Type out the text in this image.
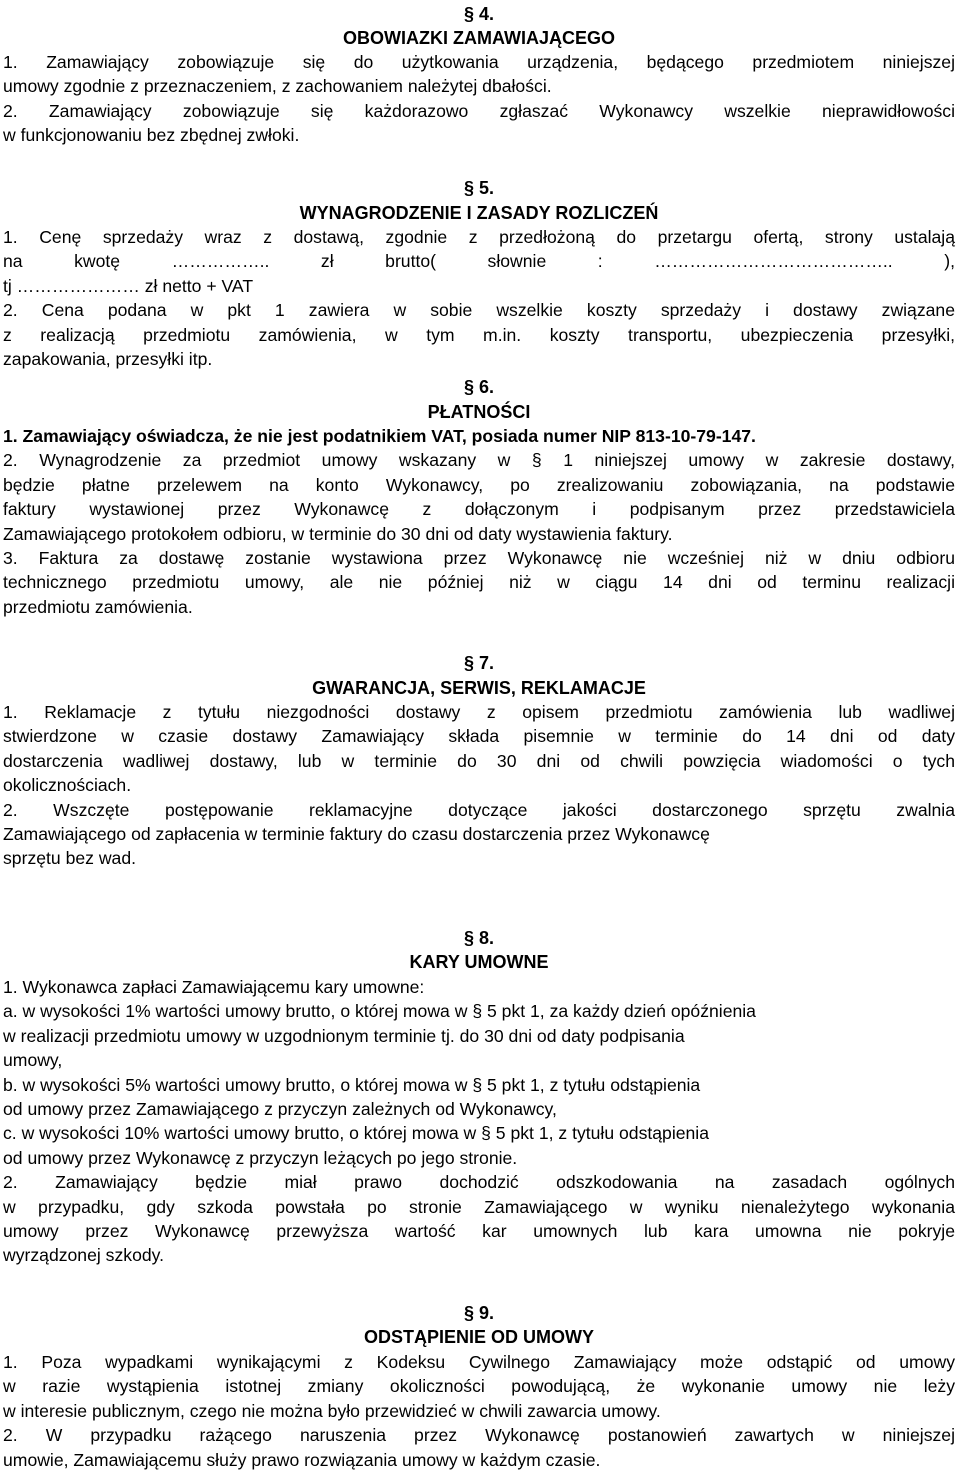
§ 4.
OBOWIAZKI ZAMAWIAJĄCEGO
1. Zamawiający zobowiązuje się do użytkowania urządzenia, będącego przedmiotem niniejszej
umowy zgodnie z przeznaczeniem, z zachowaniem należytej dbałości.
2. Zamawiający zobowiązuje się każdorazowo zgłaszać Wykonawcy wszelkie nieprawidłowości
w funkcjonowaniu bez zbędnej zwłoki.
§ 5.
WYNAGRODZENIE I ZASADY ROZLICZEŃ
1. Cenę sprzedaży wraz z dostawą, zgodnie z przedłożoną do przetargu ofertą, strony ustalają
na kwotę …………….. zł brutto( słownie : ………………………………….. ),
tj ………………… zł netto + VAT
2. Cena podana w pkt 1 zawiera w sobie wszelkie koszty sprzedaży i dostawy związane
z realizacją przedmiotu zamówienia, w tym m.in. koszty transportu, ubezpieczenia przesyłki,
zapakowania, przesyłki itp.
§ 6.
PŁATNOŚCI
1. Zamawiający oświadcza, że nie jest podatnikiem VAT, posiada numer NIP 813-10-79-147.
2. Wynagrodzenie za przedmiot umowy wskazany w § 1 niniejszej umowy w zakresie dostawy,
będzie płatne przelewem na konto Wykonawcy, po zrealizowaniu zobowiązania, na podstawie
faktury wystawionej przez Wykonawcę z dołączonym i podpisanym przez przedstawiciela
Zamawiającego protokołem odbioru, w terminie do 30 dni od daty wystawienia faktury.
3. Faktura za dostawę zostanie wystawiona przez Wykonawcę nie wcześniej niż w dniu odbioru
technicznego przedmiotu umowy, ale nie później niż w ciągu 14 dni od terminu realizacji
przedmiotu zamówienia.
§ 7.
GWARANCJA, SERWIS, REKLAMACJE
1. Reklamacje z tytułu niezgodności dostawy z opisem przedmiotu zamówienia lub wadliwej
stwierdzone w czasie dostawy Zamawiający składa pisemnie w terminie do 14 dni od daty
dostarczenia wadliwej dostawy, lub w terminie do 30 dni od chwili powzięcia wiadomości o tych
okolicznościach.
2. Wszczęte postępowanie reklamacyjne dotyczące jakości dostarczonego sprzętu zwalnia
Zamawiającego od zapłacenia w terminie faktury do czasu dostarczenia przez Wykonawcę
sprzętu bez wad.
§ 8.
KARY UMOWNE
1. Wykonawca zapłaci Zamawiającemu kary umowne:
a. w wysokości 1% wartości umowy brutto, o której mowa w § 5 pkt 1, za każdy dzień opóźnienia
w realizacji przedmiotu umowy w uzgodnionym terminie tj. do 30 dni od daty podpisania
umowy,
b. w wysokości 5% wartości umowy brutto, o której mowa w § 5 pkt 1, z tytułu odstąpienia
od umowy przez Zamawiającego z przyczyn zależnych od Wykonawcy,
c. w wysokości 10% wartości umowy brutto, o której mowa w § 5 pkt 1, z tytułu odstąpienia
od umowy przez Wykonawcę z przyczyn leżących po jego stronie.
2. Zamawiający będzie miał prawo dochodzić odszkodowania na zasadach ogólnych
w przypadku, gdy szkoda powstała po stronie Zamawiającego w wyniku nienależytego wykonania
umowy przez Wykonawcę przewyższa wartość kar umownych lub kara umowna nie pokryje
wyrządzonej szkody.
§ 9.
ODSTĄPIENIE OD UMOWY
1. Poza wypadkami wynikającymi z Kodeksu Cywilnego Zamawiający może odstąpić od umowy
w razie wystąpienia istotnej zmiany okoliczności powodującą, że wykonanie umowy nie leży
w interesie publicznym, czego nie można było przewidzieć w chwili zawarcia umowy.
2. W przypadku rażącego naruszenia przez Wykonawcę postanowień zawartych w niniejszej
umowie, Zamawiającemu służy prawo rozwiązania umowy w każdym czasie.
